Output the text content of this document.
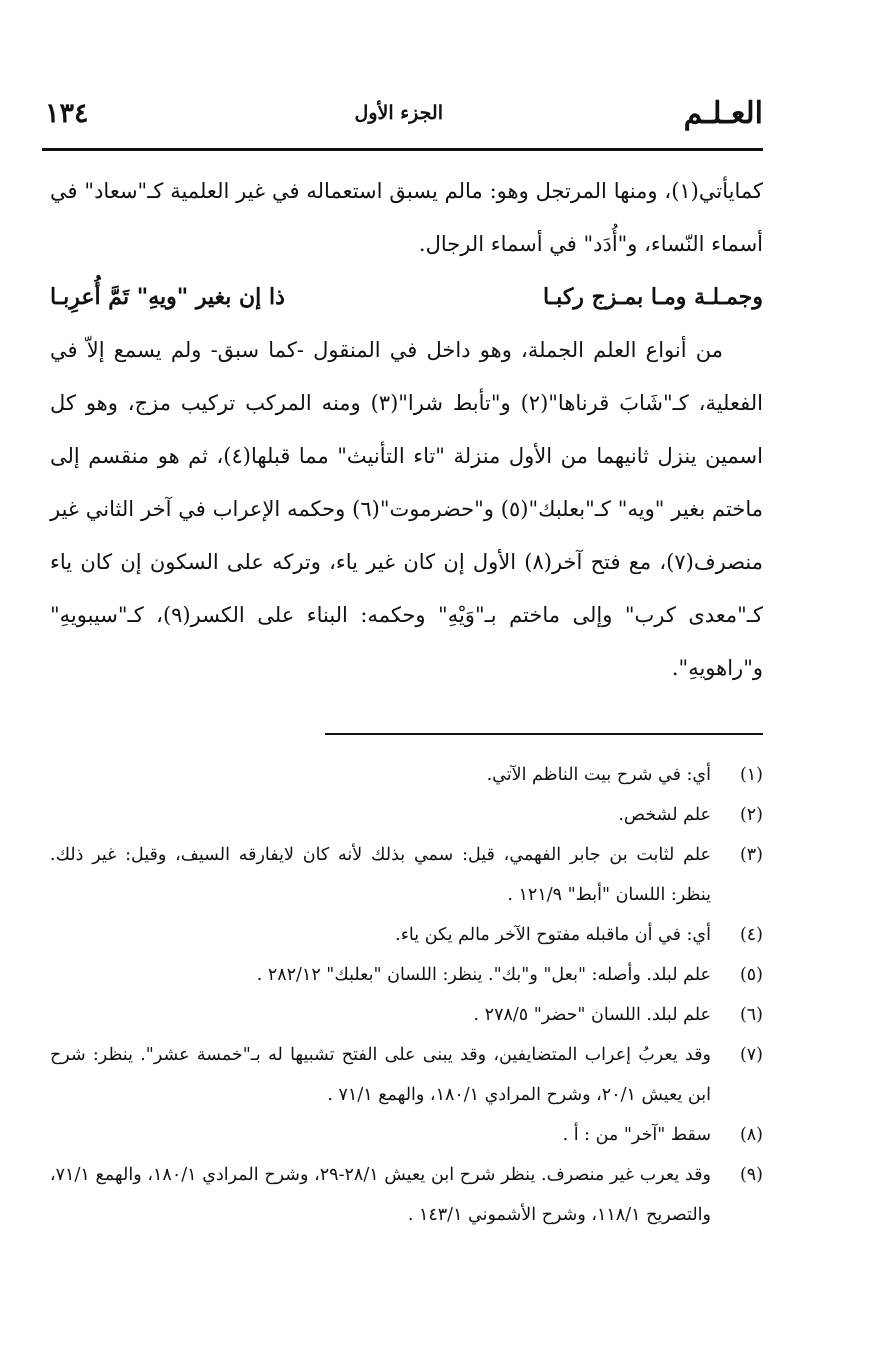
العـلـم
الجزء الأول
١٣٤

كمايأتي(١)، ومنها المرتجل وهو: مالم يسبق استعماله في غير العلمية كـ"سعاد" في أسماء النّساء، و"أُدَد" في أسماء الرجال.

وجمـلـة ومـا بمـزج ركبـا
ذا إن بغير "ويهِ" تَمَّ أُعرِبـا

من أنواع العلم الجملة، وهو داخل في المنقول -كما سبق- ولم يسمع إلاّ في الفعلية، كـ"شَابَ قرناها"(٢) و"تأبط شرا"(٣) ومنه المركب تركيب مزج، وهو كل اسمين ينزل ثانيهما من الأول منزلة "تاء التأنيث" مما قبلها(٤)، ثم هو منقسم إلى ماختم بغير "ويه" كـ"بعلبك"(٥) و"حضرموت"(٦) وحكمه الإعراب في آخر الثاني غير منصرف(٧)، مع فتح آخر(٨) الأول إن كان غير ياء، وتركه على السكون إن كان ياء كـ"معدى كرب" وإلى ماختم بـ"وَيْهِ" وحكمه: البناء على الكسر(٩)، كـ"سيبويهِ" و"راهويهِ".

(١)
أي: في شرح بيت الناظم الآتي.
(٢)
علم لشخص.
(٣)
علم لثابت بن جابر الفهمي، قيل: سمي بذلك لأنه كان لايفارقه السيف، وقيل: غير ذلك. ينظر: اللسان "أبط" ١٢١/٩ .
(٤)
أي: في أن ماقبله مفتوح الآخر مالم يكن ياء.
(٥)
علم لبلد. وأصله: "بعل" و"بك". ينظر: اللسان "بعلبك" ٢٨٢/١٢ .
(٦)
علم لبلد. اللسان "حضر" ٢٧٨/٥ .
(٧)
وقد يعربُ إعراب المتضايفين، وقد يبنى على الفتح تشبيها له بـ"خمسة عشر". ينظر: شرح ابن يعيش ٢٠/١، وشرح المرادي ١٨٠/١، والهمع ٧١/١ .
(٨)
سقط "آخر" من : أ .
(٩)
وقد يعرب غير منصرف. ينظر شرح ابن يعيش ٢٨/١-٢٩، وشرح المرادي ١٨٠/١، والهمع ٧١/١، والتصريح ١١٨/١، وشرح الأشموني ١٤٣/١ .
